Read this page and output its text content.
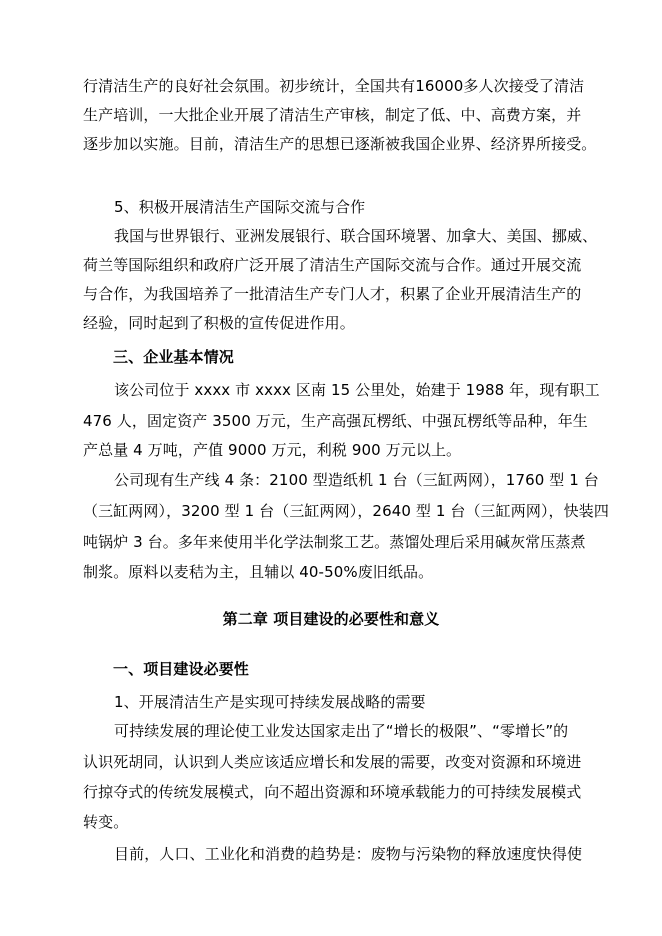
行清洁生产的良好社会氛围。初步统计，全国共有16000多人次接受了清洁
生产培训，一大批企业开展了清洁生产审核，制定了低、中、高费方案，并
逐步加以实施。目前，清洁生产的思想已逐渐被我国企业界、经济界所接受。
5、积极开展清洁生产国际交流与合作
我国与世界银行、亚洲发展银行、联合国环境署、加拿大、美国、挪威、
荷兰等国际组织和政府广泛开展了清洁生产国际交流与合作。通过开展交流
与合作，为我国培养了一批清洁生产专门人才，积累了企业开展清洁生产的
经验，同时起到了积极的宣传促进作用。
三、企业基本情况
该公司位于 xxxx 市 xxxx 区南 15 公里处，始建于 1988 年，现有职工
476 人，固定资产 3500 万元，生产高强瓦楞纸、中强瓦楞纸等品种，年生
产总量 4 万吨，产值 9000 万元，利税 900 万元以上。
公司现有生产线 4 条：2100 型造纸机 1 台（三缸两网），1760 型 1 台
（三缸两网），3200 型 1 台（三缸两网），2640 型 1 台（三缸两网），快装四
吨锅炉 3 台。多年来使用半化学法制浆工艺。蒸馏处理后采用碱灰常压蒸煮
制浆。原料以麦秸为主，且辅以 40-50%废旧纸品。
第二章 项目建设的必要性和意义
一、项目建设必要性
1、开展清洁生产是实现可持续发展战略的需要
可持续发展的理论使工业发达国家走出了“增长的极限”、“零增长”的
认识死胡同，认识到人类应该适应增长和发展的需要，改变对资源和环境进
行掠夺式的传统发展模式，向不超出资源和环境承载能力的可持续发展模式
转变。
目前，人口、工业化和消费的趋势是：废物与污染物的释放速度快得使
